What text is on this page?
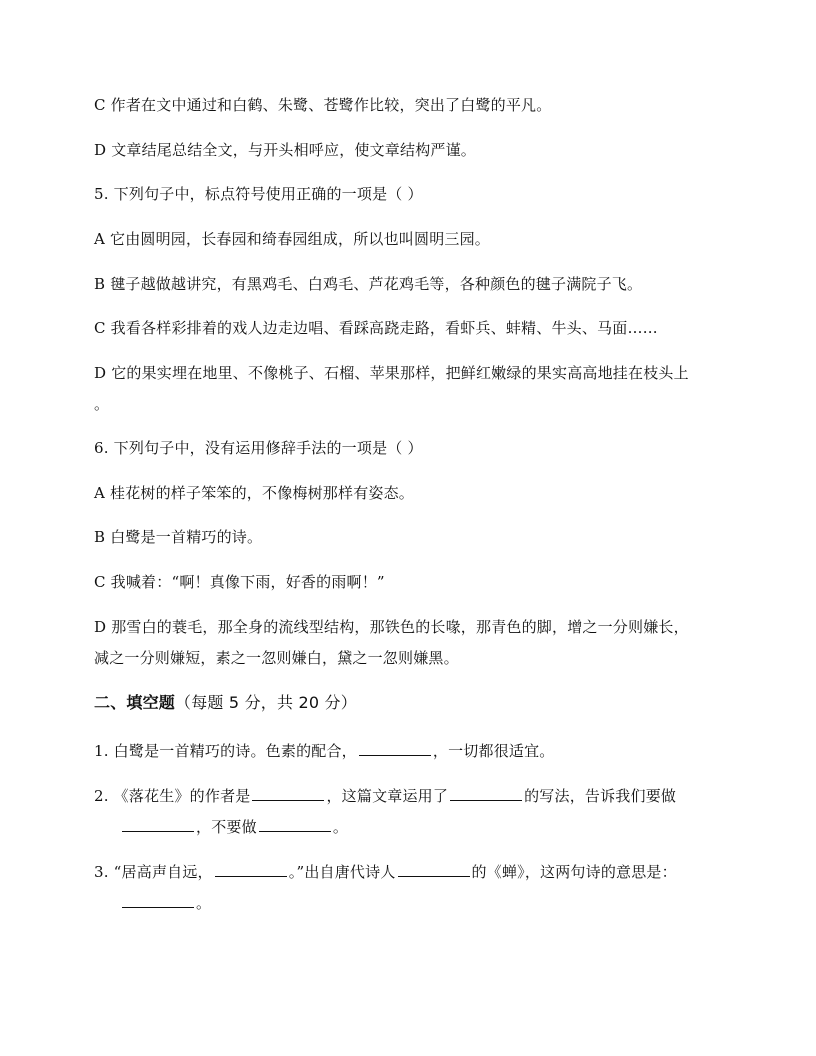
C 作者在文中通过和白鹤、朱鹭、苍鹭作比较，突出了白鹭的平凡。
D 文章结尾总结全文，与开头相呼应，使文章结构严谨。
5. 下列句子中，标点符号使用正确的一项是（ ）
A 它由圆明园，长春园和绮春园组成，所以也叫圆明三园。
B 毽子越做越讲究，有黑鸡毛、白鸡毛、芦花鸡毛等，各种颜色的毽子满院子飞。
C 我看各样彩排着的戏人边走边唱、看踩高跷走路，看虾兵、蚌精、牛头、马面……
D 它的果实埋在地里、不像桃子、石榴、苹果那样，把鲜红嫩绿的果实高高地挂在枝头上
。
6. 下列句子中，没有运用修辞手法的一项是（ ）
A 桂花树的样子笨笨的，不像梅树那样有姿态。
B 白鹭是一首精巧的诗。
C 我喊着：“啊！真像下雨，好香的雨啊！”
D 那雪白的蓑毛，那全身的流线型结构，那铁色的长喙，那青色的脚，增之一分则嫌长，
减之一分则嫌短，素之一忽则嫌白，黛之一忽则嫌黑。
二、填空题（每题 5 分，共 20 分）
1. 白鹭是一首精巧的诗。色素的配合，	，一切都很适宜。
2. 《落花生》的作者是	，这篇文章运用了	的写法，告诉我们要做
，不要做	。
3. “居高声自远，	。”出自唐代诗人	的《蝉》，这两句诗的意思是：
。
